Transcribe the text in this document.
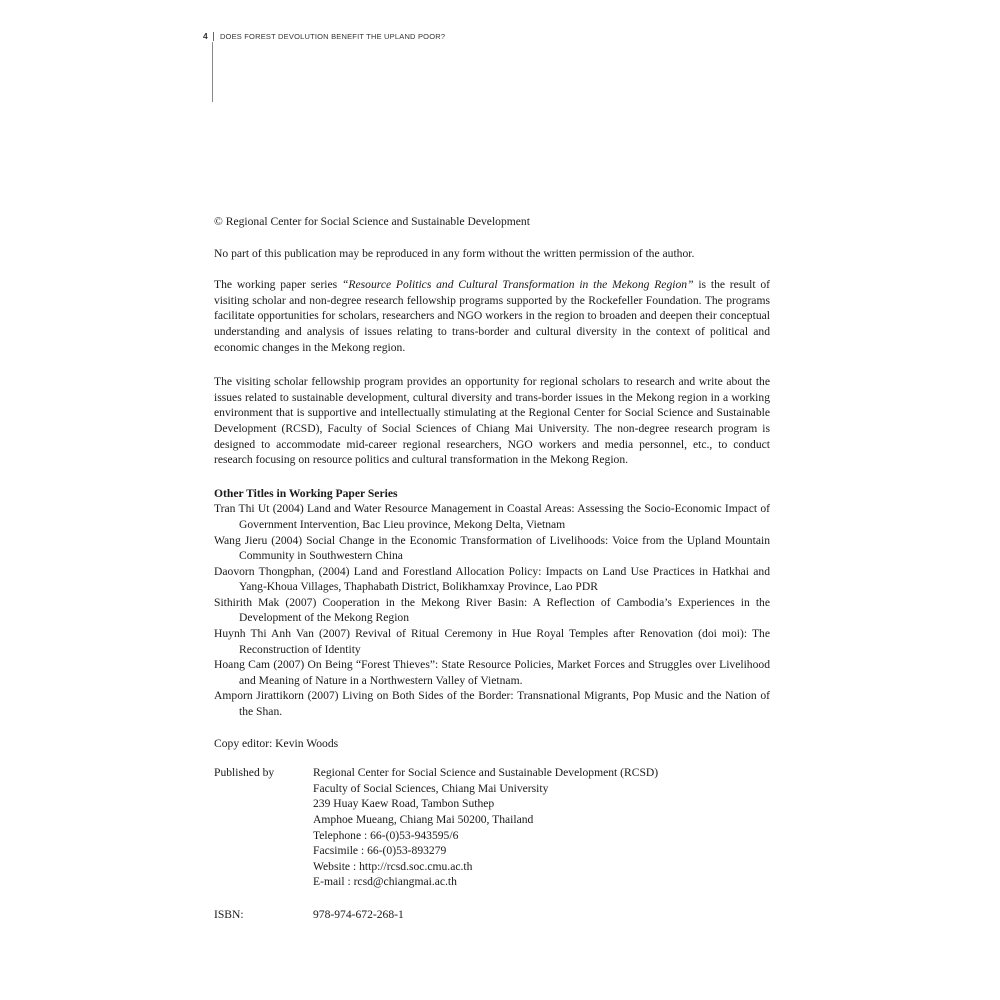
4 DOES FOREST DEVOLUTION BENEFIT THE UPLAND POOR?

© Regional Center for Social Science and Sustainable Development

No part of this publication may be reproduced in any form without the written permission of the author.

The working paper series “Resource Politics and Cultural Transformation in the Mekong Region” is the result of visiting scholar and non-degree research fellowship programs supported by the Rockefeller Foundation. The programs facilitate opportunities for scholars, researchers and NGO workers in the region to broaden and deepen their conceptual understanding and analysis of issues relating to trans-border and cultural diversity in the context of political and economic changes in the Mekong region.

The visiting scholar fellowship program provides an opportunity for regional scholars to research and write about the issues related to sustainable development, cultural diversity and trans-border issues in the Mekong region in a working environment that is supportive and intellectually stimulating at the Regional Center for Social Science and Sustainable Development (RCSD), Faculty of Social Sciences of Chiang Mai University. The non-degree research program is designed to accommodate mid-career regional researchers, NGO workers and media personnel, etc., to conduct research focusing on resource politics and cultural transformation in the Mekong Region.

Other Titles in Working Paper Series

Tran Thi Ut (2004) Land and Water Resource Management in Coastal Areas: Assessing the Socio-Economic Impact of Government Intervention, Bac Lieu province, Mekong Delta, Vietnam
Wang Jieru (2004) Social Change in the Economic Transformation of Livelihoods: Voice from the Upland Mountain Community in Southwestern China
Daovorn Thongphan, (2004) Land and Forestland Allocation Policy: Impacts on Land Use Practices in Hatkhai and Yang-Khoua Villages, Thaphabath District, Bolikhamxay Province, Lao PDR
Sithirith Mak (2007) Cooperation in the Mekong River Basin: A Reflection of Cambodia’s Experiences in the Development of the Mekong Region
Huynh Thi Anh Van (2007) Revival of Ritual Ceremony in Hue Royal Temples after Renovation (doi moi): The Reconstruction of Identity
Hoang Cam (2007) On Being “Forest Thieves”: State Resource Policies, Market Forces and Struggles over Livelihood and Meaning of Nature in a Northwestern Valley of Vietnam.
Amporn Jirattikorn (2007) Living on Both Sides of the Border: Transnational Migrants, Pop Music and the Nation of the Shan.

Copy editor: Kevin Woods

Published by	Regional Center for Social Science and Sustainable Development (RCSD)
Faculty of Social Sciences, Chiang Mai University
239 Huay Kaew Road, Tambon Suthep
Amphoe Mueang, Chiang Mai 50200, Thailand
Telephone : 66-(0)53-943595/6
Facsimile : 66-(0)53-893279
Website : http://rcsd.soc.cmu.ac.th
E-mail : rcsd@chiangmai.ac.th
ISBN:	978-974-672-268-1
